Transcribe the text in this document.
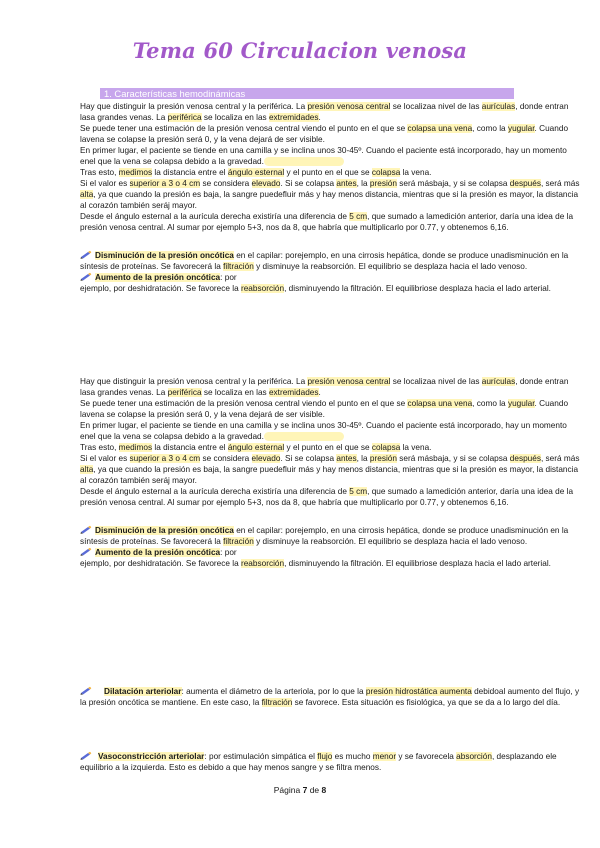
Tema 60 Circulacion venosa
1. Características hemodinámicas

Hay que distinguir la presión venosa central y la periférica. La presión venosa central se localizaa nivel de las aurículas, donde entran lasa grandes venas. La periférica se localiza en las extremidades.

Se puede tener una estimación de la presión venosa central viendo el punto en el que se colapsa una vena, como la yugular. Cuando lavena se colapse la presión será 0, y la vena dejará de ser visible.

En primer lugar, el paciente se tiende en una camilla y se inclina unos 30-45º. Cuando el paciente está incorporado, hay un momento enel que la vena se colapsa debido a la gravedad.

Tras esto, medimos la distancia entre el ángulo esternal y el punto en el que se colapsa la vena.

Si el valor es superior a 3 o 4 cm se considera elevado. Si se colapsa antes, la presión será másbaja, y si se colapsa después, será más alta, ya que cuando la presión es baja, la sangre puedefluir más y hay menos distancia, mientras que si la presión es mayor, la distancia al corazón también seráj mayor.

Desde el ángulo esternal a la aurícula derecha existiría una diferencia de 5 cm, que sumado a lamedición anterior, daría una idea de la presión venosa central. Al sumar por ejemplo 5+3, nos da 8, que habría que multiplicarlo por 0.77, y obtenemos 6,16.

Disminución de la presión oncótica en el capilar: porejemplo, en una cirrosis hepática, donde se produce unadisminución en la síntesis de proteínas. Se favorecerá la filtración y disminuye la reabsorción. El equilibrio se desplaza hacia el lado venoso.

Aumento de la presión oncótica: por

ejemplo, por deshidratación. Se favorece la reabsorción, disminuyendo la filtración. El equilibriose desplaza hacia el lado arterial.

Hay que distinguir la presión venosa central y la periférica. La presión venosa central se localizaa nivel de las aurículas, donde entran lasa grandes venas. La periférica se localiza en las extremidades.

Se puede tener una estimación de la presión venosa central viendo el punto en el que se colapsa una vena, como la yugular. Cuando lavena se colapse la presión será 0, y la vena dejará de ser visible.

En primer lugar, el paciente se tiende en una camilla y se inclina unos 30-45º. Cuando el paciente está incorporado, hay un momento enel que la vena se colapsa debido a la gravedad.

Tras esto, medimos la distancia entre el ángulo esternal y el punto en el que se colapsa la vena.

Si el valor es superior a 3 o 4 cm se considera elevado. Si se colapsa antes, la presión será másbaja, y si se colapsa después, será más alta, ya que cuando la presión es baja, la sangre puedefluir más y hay menos distancia, mientras que si la presión es mayor, la distancia al corazón también seráj mayor.

Desde el ángulo esternal a la aurícula derecha existiría una diferencia de 5 cm, que sumado a lamedición anterior, daría una idea de la presión venosa central. Al sumar por ejemplo 5+3, nos da 8, que habría que multiplicarlo por 0.77, y obtenemos 6,16.

Disminución de la presión oncótica en el capilar: porejemplo, en una cirrosis hepática, donde se produce unadisminución en la síntesis de proteínas. Se favorecerá la filtración y disminuye la reabsorción. El equilibrio se desplaza hacia el lado venoso.

Aumento de la presión oncótica: por

ejemplo, por deshidratación. Se favorece la reabsorción, disminuyendo la filtración. El equilibriose desplaza hacia el lado arterial.

Dilatación arteriolar: aumenta el diámetro de la arteriola, por lo que la presión hidrostática aumenta debidoal aumento del flujo, y la presión oncótica se mantiene. En este caso, la filtración se favorece. Esta situación es fisiológica, ya que se da a lo largo del día.

Vasoconstricción arteriolar: por estimulación simpática el flujo es mucho menor y se favorecela absorción, desplazando ele equilibrio a la izquierda. Esto es debido a que hay menos sangre y se filtra menos.

Página 7 de 8
